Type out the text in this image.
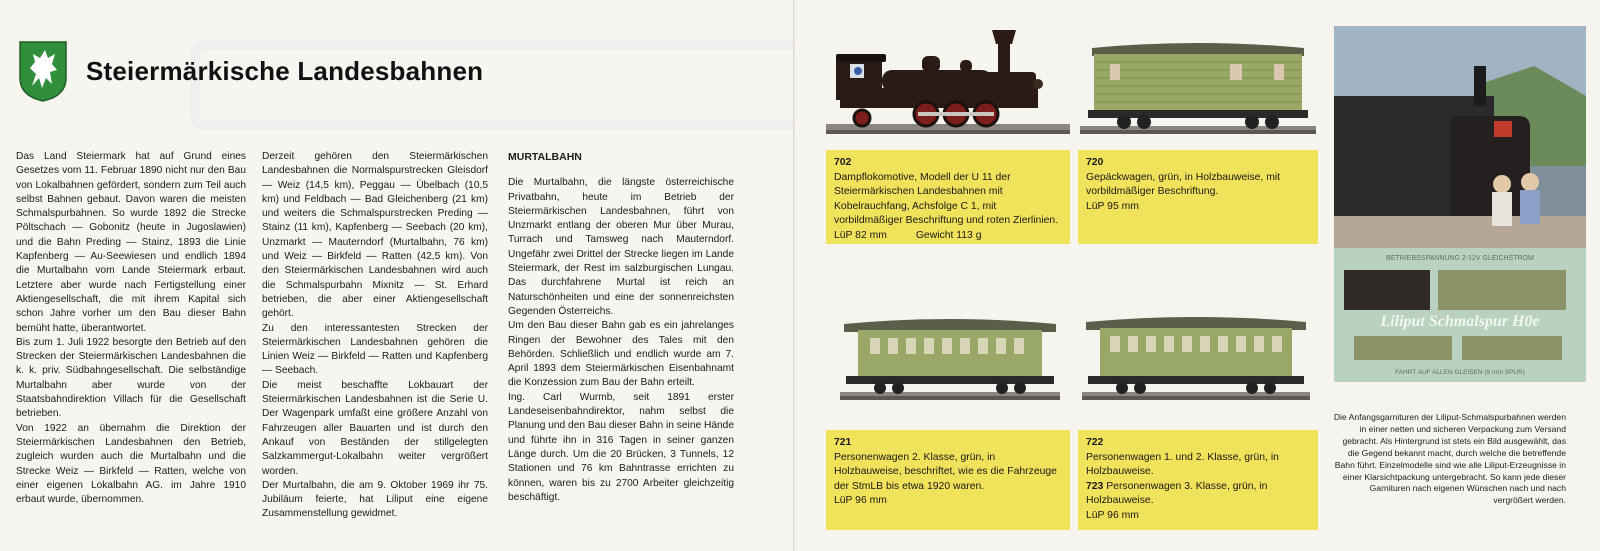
Steiermärkische Landesbahnen

Das Land Steiermark hat auf Grund eines Gesetzes vom 11. Februar 1890 nicht nur den Bau von Lokalbahnen gefördert, sondern zum Teil auch selbst Bahnen gebaut. Davon waren die meisten Schmalspurbahnen. So wurde 1892 die Strecke Pöltschach — Gobonitz (heute in Jugoslawien) und die Bahn Preding — Stainz, 1893 die Linie Kapfenberg — Au-Seewiesen und endlich 1894 die Murtalbahn vom Lande Steiermark erbaut. Letztere aber wurde nach Fertigstellung einer Aktiengesellschaft, die mit ihrem Kapital sich schon Jahre vorher um den Bau dieser Bahn bemüht hatte, überantwortet.

Bis zum 1. Juli 1922 besorgte den Betrieb auf den Strecken der Steiermärkischen Landesbahnen die k. k. priv. Südbahngesellschaft. Die selbständige Murtalbahn aber wurde von der Staatsbahndirektion Villach für die Gesellschaft betrieben.

Von 1922 an übernahm die Direktion der Steiermärkischen Landesbahnen den Betrieb, zugleich wurden auch die Murtalbahn und die Strecke Weiz — Birkfeld — Ratten, welche von einer eigenen Lokalbahn AG. im Jahre 1910 erbaut wurde, übernommen.

Derzeit gehören den Steiermärkischen Landesbahnen die Normalspurstrecken Gleisdorf — Weiz (14,5 km), Peggau — Übelbach (10,5 km) und Feldbach — Bad Gleichenberg (21 km) und weiters die Schmalspurstrecken Preding — Stainz (11 km), Kapfenberg — Seebach (20 km), Unzmarkt — Mauterndorf (Murtalbahn, 76 km) und Weiz — Birkfeld — Ratten (42,5 km). Von den Steiermärkischen Landesbahnen wird auch die Schmalspurbahn Mixnitz — St. Erhard betrieben, die aber einer Aktiengesellschaft gehört.

Zu den interessantesten Strecken der Steiermärkischen Landesbahnen gehören die Linien Weiz — Birkfeld — Ratten und Kapfenberg — Seebach.

Die meist beschaffte Lokbauart der Steiermärkischen Landesbahnen ist die Serie U. Der Wagenpark umfaßt eine größere Anzahl von Fahrzeugen aller Bauarten und ist durch den Ankauf von Beständen der stillgelegten Salzkammergut-Lokalbahn weiter vergrößert worden.

Der Murtalbahn, die am 9. Oktober 1969 ihr 75. Jubiläum feierte, hat Liliput eine eigene Zusammenstellung gewidmet.

MURTALBAHN

Die Murtalbahn, die längste österreichische Privatbahn, heute im Betrieb der Steiermärkischen Landesbahnen, führt von Unzmarkt entlang der oberen Mur über Murau, Turrach und Tamsweg nach Mauterndorf. Ungefähr zwei Drittel der Strecke liegen im Lande Steiermark, der Rest im salzburgischen Lungau. Das durchfahrene Murtal ist reich an Naturschönheiten und eine der sonnenreichsten Gegenden Österreichs.

Um den Bau dieser Bahn gab es ein jahrelanges Ringen der Bewohner des Tales mit den Behörden. Schließlich und endlich wurde am 7. April 1893 dem Steiermärkischen Eisenbahnamt die Konzession zum Bau der Bahn erteilt.

Ing. Carl Wurmb, seit 1891 erster Landeseisenbahndirektor, nahm selbst die Planung und den Bau dieser Bahn in seine Hände und führte ihn in 316 Tagen in seiner ganzen Länge durch. Um die 20 Brücken, 3 Tunnels, 12 Stationen und 76 km Bahntrasse errichten zu können, waren bis zu 2700 Arbeiter gleichzeitig beschäftigt.

BETRIEBSSPANNUNG 2-12V GLEICHSTROM
Liliput Schmalspur H0e
FAHRT AUF ALLEN GLEISEN (9 mm SPUR)
702
Dampflokomotive, Modell der U 11 der Steiermärkischen Landesbahnen mit Kobelrauchfang, Achsfolge C 1, mit vorbildmäßiger Beschriftung und roten Zierlinien.
LüP 82 mm	Gewicht 113 g
720
Gepäckwagen, grün, in Holzbauweise, mit vorbildmäßiger Beschriftung.
LüP 95 mm
721
Personenwagen 2. Klasse, grün, in Holzbauweise, beschriftet, wie es die Fahrzeuge der StmLB bis etwa 1920 waren.
LüP 96 mm
722
Personenwagen 1. und 2. Klasse, grün, in Holzbauweise.
723 Personenwagen 3. Klasse, grün, in Holzbauweise.
LüP 96 mm
Die Anfangsgarnituren der Liliput-Schmalspurbahnen werden in einer netten und sicheren Verpackung zum Versand gebracht. Als Hintergrund ist stets ein Bild ausgewählt, das die Gegend bekannt macht, durch welche die betreffende Bahn führt. Einzelmodelle sind wie alle Liliput-Erzeugnisse in einer Klarsichtpackung untergebracht. So kann jede dieser Garnituren nach eigenen Wünschen nach und nach vergrößert werden.
